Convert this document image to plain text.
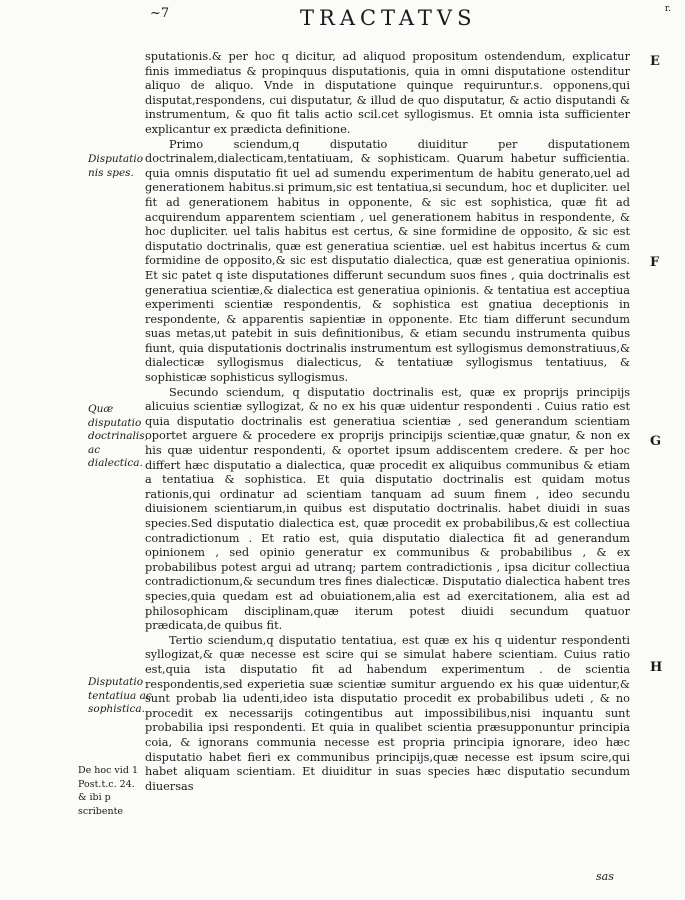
~7	TRACTATVS	r.

sputationis.& per hoc q dicitur, ad aliquod propositum ostendendum, explicatur finis immediatus & propinquus disputationis, quia in omni disputatione ostenditur aliquo de aliquo. Vnde in disputatione quinque requiruntur.s. opponens,qui disputat,respondens, cui disputatur, & illud de quo disputatur, & actio disputandi & instrumentum, & quo fit talis actio scil.cet syllogismus. Et omnia ista sufficienter explicantur ex prædicta definitione.

Primo sciendum,q disputatio diuiditur per disputationem doctrinalem,dialecticam,tentatiuam, & sophisticam. Quarum habetur sufficientia. quia omnis disputatio fit uel ad sumendu experimentum de habitu generato,uel ad generationem habitus.si primum,sic est tentatiua,si secundum, hoc et dupliciter. uel fit ad generationem habitus in opponente, & sic est sophistica, quæ fit ad acquirendum apparentem scientiam , uel generationem habitus in respondente, & hoc dupliciter. uel talis habitus est certus, & sine formidine de opposito, & sic est disputatio doctrinalis, quæ est generatiua scientiæ. uel est habitus incertus & cum formidine de opposito,& sic est disputatio dialectica, quæ est generatiua opinionis. Et sic patet q iste disputationes differunt secundum suos fines , quia doctrinalis est generatiua scientiæ,& dialectica est generatiua opinionis. & tentatiua est acceptiua experimenti scientiæ respondentis, & sophistica est gnatiua deceptionis in respondente, & apparentis sapientiæ in opponente. Etc tiam differunt secundum suas metas,ut patebit in suis definitionibus, & etiam secundu instrumenta quibus fiunt, quia disputationis doctrinalis instrumentum est syllogismus demonstratiuus,& dialecticæ syllogismus dialecticus, & tentatiuæ syllogismus tentatiuus, & sophisticæ sophisticus syllogismus.

Secundo sciendum, q disputatio doctrinalis est, quæ ex proprijs principijs alicuius scientiæ syllogizat, & no ex his quæ uidentur respondenti . Cuius ratio est quia disputatio doctrinalis est generatiua scientiæ , sed generandum scientiam oportet arguere & procedere ex proprijs principijs scientiæ,quæ gnatur, & non ex his quæ uidentur respondenti, & oportet ipsum addiscentem credere. & per hoc differt hæc disputatio a dialectica, quæ procedit ex aliquibus communibus & etiam a tentatiua & sophistica. Et quia disputatio doctrinalis est quidam motus rationis,qui ordinatur ad scientiam tanquam ad suum finem , ideo secundu diuisionem scientiarum,in quibus est disputatio doctrinalis. habet diuidi in suas species.Sed disputatio dialectica est, quæ procedit ex probabilibus,& est collectiua contradictionum . Et ratio est, quia disputatio dialectica fit ad generandum opinionem , sed opinio generatur ex communibus & probabilibus , & ex probabilibus potest argui ad utranq; partem contradictionis , ipsa dicitur collectiua contradictionum,& secundum tres fines dialecticæ. Disputatio dialectica habent tres species,quia quedam est ad obuiationem,alia est ad exercitationem, alia est ad philosophicam disciplinam,quæ iterum potest diuidi secundum quatuor prædicata,de quibus fit.

Tertio sciendum,q disputatio tentatiua, est quæ ex his q uidentur respondenti syllogizat,& quæ necesse est scire qui se simulat habere scientiam. Cuius ratio est,quia ista disputatio fit ad habendum experimentum . de scientia respondentis,sed experietia suæ scientiæ sumitur arguendo ex his quæ uidentur,& sunt probab lia udenti,ideo ista disputatio procedit ex probabilibus udeti , & no procedit ex necessarijs cotingentibus aut impossibilibus,nisi inquantu sunt probabilia ipsi respondenti. Et quia in qualibet scientia præsupponuntur principia coia, & ignorans communia necesse est propria principia ignorare, ideo hæc disputatio habet fieri ex communibus principijs,quæ necesse est ipsum scire,qui habet aliquam scientiam. Et diuiditur in suas species hæc disputatio secundum diuersas

Disputatio nis spes.
Quæ disputatio doctrinalis, ac dialectica.
Disputatio tentatiua ac sophistica.
De hoc vid 1 Post.t.c. 24. & ibi p scribente
E
F
G
H
sas
